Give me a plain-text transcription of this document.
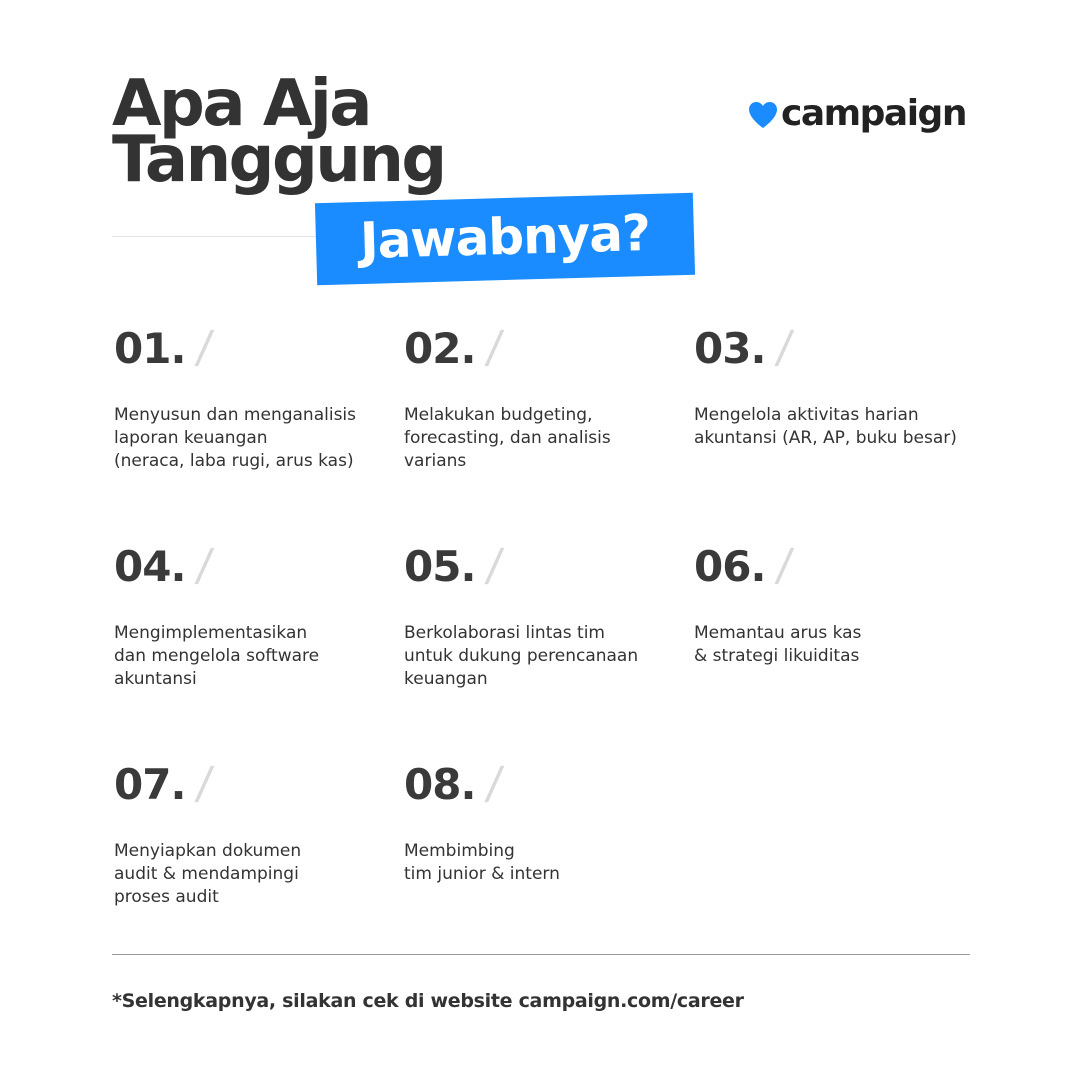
Apa Aja
Tanggung
Jawabnya?
campaign
01. /
Menyusun dan menganalisis
laporan keuangan
(neraca, laba rugi, arus kas)
02. /
Melakukan budgeting,
forecasting, dan analisis
varians
03. /
Mengelola aktivitas harian
akuntansi (AR, AP, buku besar)
04. /
Mengimplementasikan
dan mengelola software
akuntansi
05. /
Berkolaborasi lintas tim
untuk dukung perencanaan
keuangan
06. /
Memantau arus kas
& strategi likuiditas
07. /
Menyiapkan dokumen
audit & mendampingi
proses audit
08. /
Membimbing
tim junior & intern
*Selengkapnya, silakan cek di website campaign.com/career
